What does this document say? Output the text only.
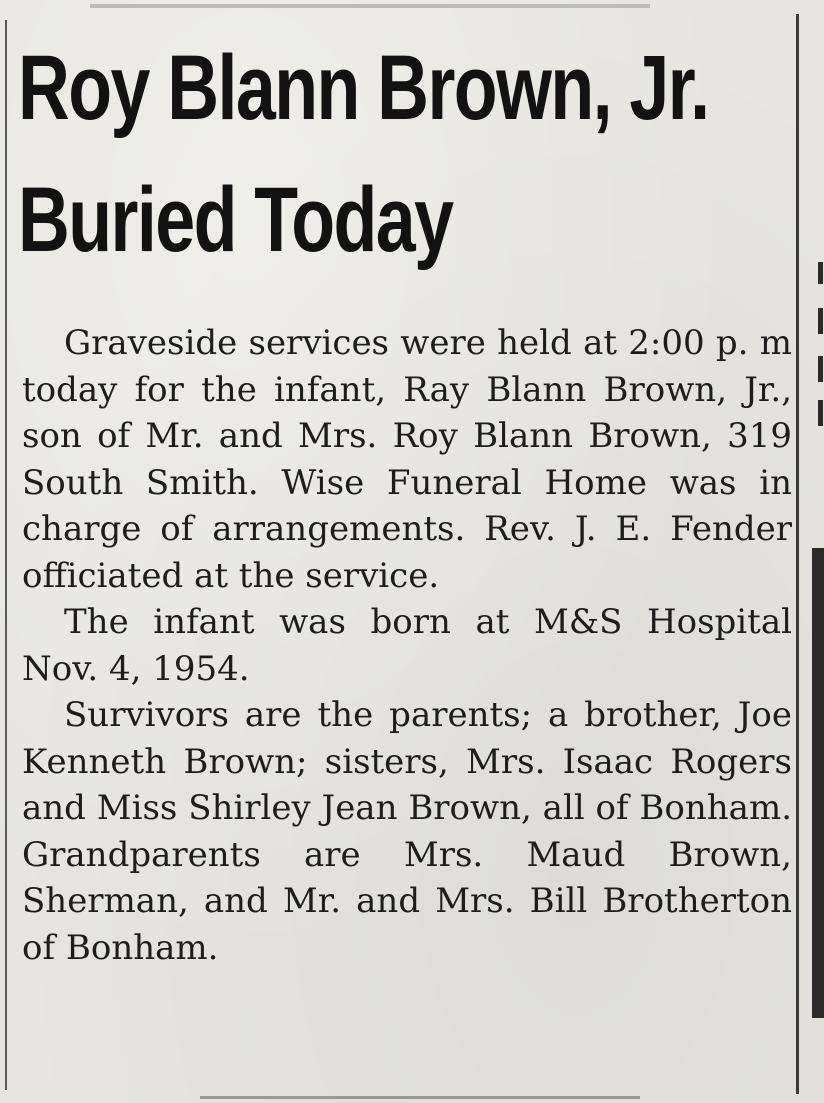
Roy Blann Brown, Jr.
Buried Today

Graveside services were held at 2:00 p. m today for the infant, Ray Blann Brown, Jr., son of Mr. and Mrs. Roy Blann Brown, 319 South Smith. Wise Funeral Home was in charge of arrangements. Rev. J. E. Fender officiated at the service.

The infant was born at M&S Hospital Nov. 4, 1954.

Survivors are the parents; a brother, Joe Kenneth Brown; sisters, Mrs. Isaac Rogers and Miss Shirley Jean Brown, all of Bonham. Grandparents are Mrs. Maud Brown, Sherman, and Mr. and Mrs. Bill Brotherton of Bonham.
